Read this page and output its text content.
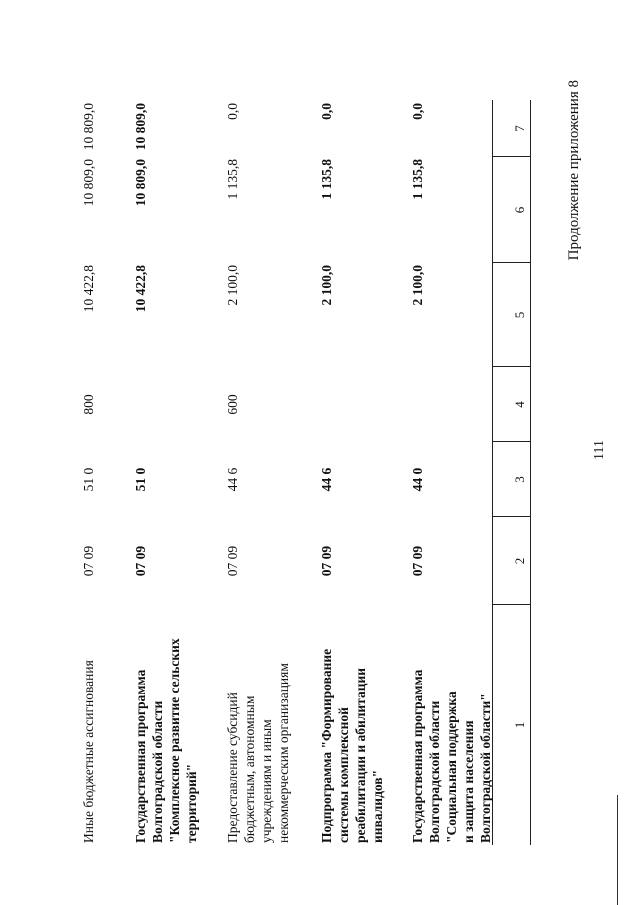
111
Продолжение приложения 8
1
2
3
4
5
6
7
Государственная программа Волгоградской области "Социальная поддержка и защита населения Волгоградской области"
07 09
44 0
2 100,0
1 135,8
0,0
Подпрограмма "Формирование системы комплексной реабилитации и абилитации инвалидов"
07 09
44 6
2 100,0
1 135,8
0,0
Предоставление субсидий бюджетным, автономным учреждениям и иным некоммерческим организациям
07 09
44 6
600
2 100,0
1 135,8
0,0
Государственная программа Волгоградской области "Комплексное развитие сельских территорий"
07 09
51 0
10 422,8
10 809,0
10 809,0
Иные бюджетные ассигнования
07 09
51 0
800
10 422,8
10 809,0
10 809,0
